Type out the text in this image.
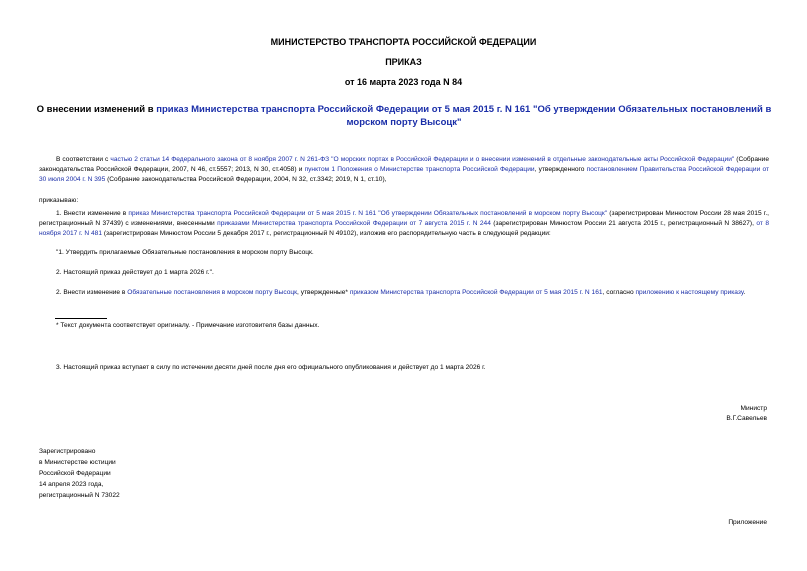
МИНИСТЕРСТВО ТРАНСПОРТА РОССИЙСКОЙ ФЕДЕРАЦИИ
ПРИКАЗ
от 16 марта 2023 года N 84
О внесении изменений в приказ Министерства транспорта Российской Федерации от 5 мая 2015 г. N 161 "Об утверждении Обязательных постановлений в морском порту Высоцк"
В соответствии с частью 2 статьи 14 Федерального закона от 8 ноября 2007 г. N 261-ФЗ "О морских портах в Российской Федерации и о внесении изменений в отдельные законодательные акты Российской Федерации" (Собрание законодательства Российской Федерации, 2007, N 46, ст.5557; 2013, N 30, ст.4058) и пунктом 1 Положения о Министерстве транспорта Российской Федерации, утвержденного постановлением Правительства Российской Федерации от 30 июля 2004 г. N 395 (Собрание законодательства Российской Федерации, 2004, N 32, ст.3342; 2019, N 1, ст.10),
приказываю:
1. Внести изменение в приказ Министерства транспорта Российской Федерации от 5 мая 2015 г. N 161 "Об утверждении Обязательных постановлений в морском порту Высоцк" (зарегистрирован Минюстом России 28 мая 2015 г., регистрационный N 37439) с изменениями, внесенными приказами Министерства транспорта Российской Федерации от 7 августа 2015 г. N 244 (зарегистрирован Минюстом России 21 августа 2015 г., регистрационный N 38627), от 8 ноября 2017 г. N 481 (зарегистрирован Минюстом России 5 декабря 2017 г., регистрационный N 49102), изложив его распорядительную часть в следующей редакции:
"1. Утвердить прилагаемые Обязательные постановления в морском порту Высоцк.
2. Настоящий приказ действует до 1 марта 2026 г.".
2. Внести изменение в Обязательные постановления в морском порту Высоцк, утвержденные* приказом Министерства транспорта Российской Федерации от 5 мая 2015 г. N 161, согласно приложению к настоящему приказу.
* Текст документа соответствует оригиналу. - Примечание изготовителя базы данных.
3. Настоящий приказ вступает в силу по истечении десяти дней после дня его официального опубликования и действует до 1 марта 2026 г.
Министр
В.Г.Савельев
Зарегистрировано
в Министерстве юстиции
Российской Федерации
14 апреля 2023 года,
регистрационный N 73022
Приложение
